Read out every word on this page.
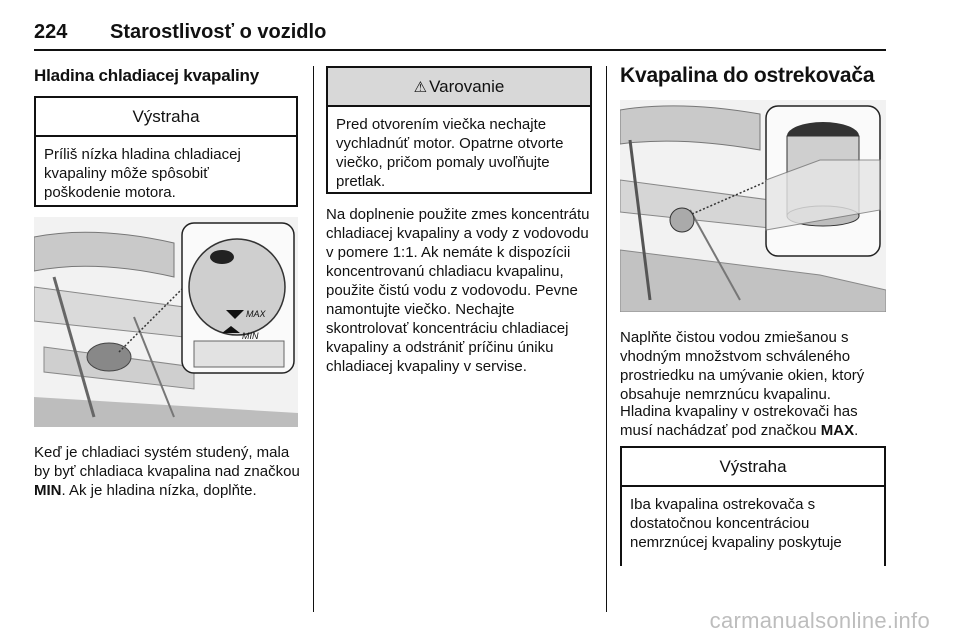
224 Starostlivosť o vozidlo
Hladina chladiacej kvapaliny
Výstraha
Príliš nízka hladina chladiacej kvapaliny môže spôsobiť poškodenie motora.
MAX
MIN
Keď je chladiaci systém studený, mala by byť chladiaca kvapalina nad značkou MIN. Ak je hladina nízka, doplňte.
⚠ Varovanie
Pred otvorením viečka nechajte vychladnúť motor. Opatrne otvorte viečko, pričom pomaly uvoľňujte pretlak.
Na doplnenie použite zmes koncentrátu chladiacej kvapaliny a vody z vodovodu v pomere 1:1. Ak nemáte k dispozícii koncentrovanú chladiacu kvapalinu, použite čistú vodu z vodovodu. Pevne namontujte viečko. Nechajte skontrolovať koncentráciu chladiacej kvapaliny a odstrániť príčinu úniku chladiacej kvapaliny v servise.
Kvapalina do ostrekovača
Naplňte čistou vodou zmiešanou s vhodným množstvom schváleného prostriedku na umývanie okien, ktorý obsahuje nemrznúcu kvapalinu.
Hladina kvapaliny v ostrekovači has musí nachádzať pod značkou MAX.
Výstraha
Iba kvapalina ostrekovača s dostatočnou koncentráciou nemrznúcej kvapaliny poskytuje
carmanualsonline.info
